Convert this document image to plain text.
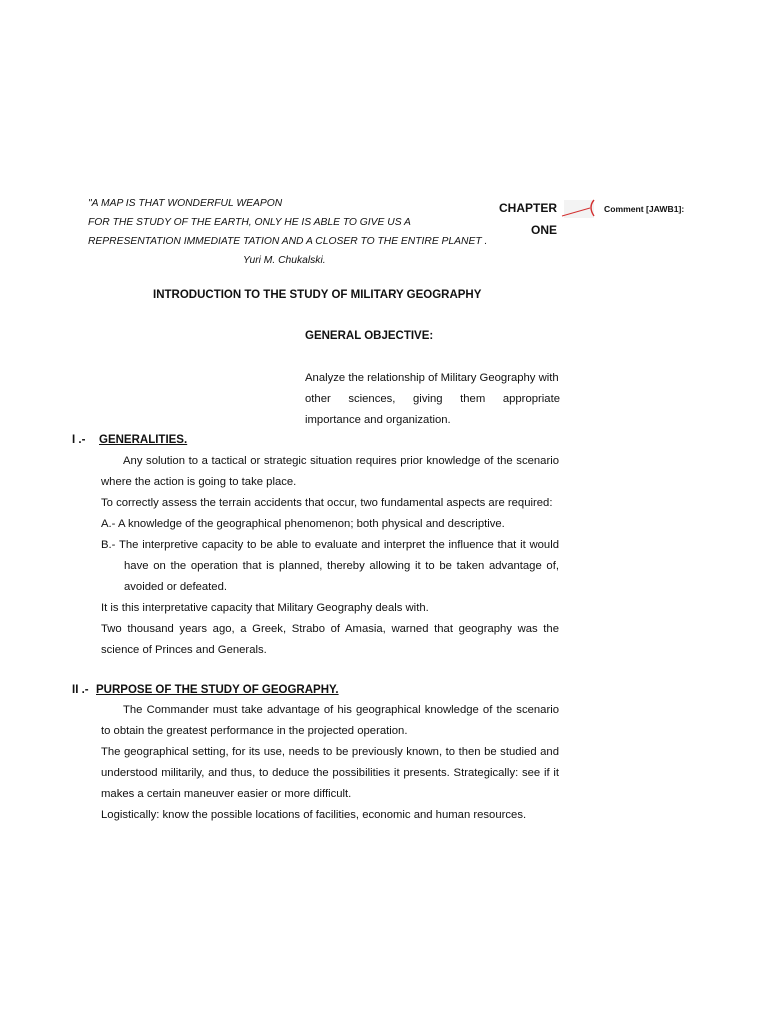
"A MAP IS THAT WONDERFUL WEAPON
FOR THE STUDY OF THE EARTH, ONLY HE IS ABLE TO GIVE US A
REPRESENTATION IMMEDIATE TATION AND A CLOSER TO THE ENTIRE PLANET .
Yuri M. Chukalski.
CHAPTER
ONE
Comment [JAWB1]:
INTRODUCTION TO THE STUDY OF MILITARY GEOGRAPHY
GENERAL OBJECTIVE:
Analyze the relationship of Military Geography with
other sciences, giving them appropriate
importance and organization.
I .- GENERALITIES.
Any solution to a tactical or strategic situation requires prior knowledge of the scenario
where the action is going to take place.
To correctly assess the terrain accidents that occur, two fundamental aspects are required:
A.- A knowledge of the geographical phenomenon; both physical and descriptive.
B.- The interpretive capacity to be able to evaluate and interpret the influence that it would
have on the operation that is planned, thereby allowing it to be taken advantage of,
avoided or defeated.
It is this interpretative capacity that Military Geography deals with.
Two thousand years ago, a Greek, Strabo of Amasia, warned that geography was the
science of Princes and Generals.
II .- PURPOSE OF THE STUDY OF GEOGRAPHY.
The Commander must take advantage of his geographical knowledge of the scenario
to obtain the greatest performance in the projected operation.
The geographical setting, for its use, needs to be previously known, to then be studied and
understood militarily, and thus, to deduce the possibilities it presents. Strategically: see if it
makes a certain maneuver easier or more difficult.
Logistically: know the possible locations of facilities, economic and human resources.
